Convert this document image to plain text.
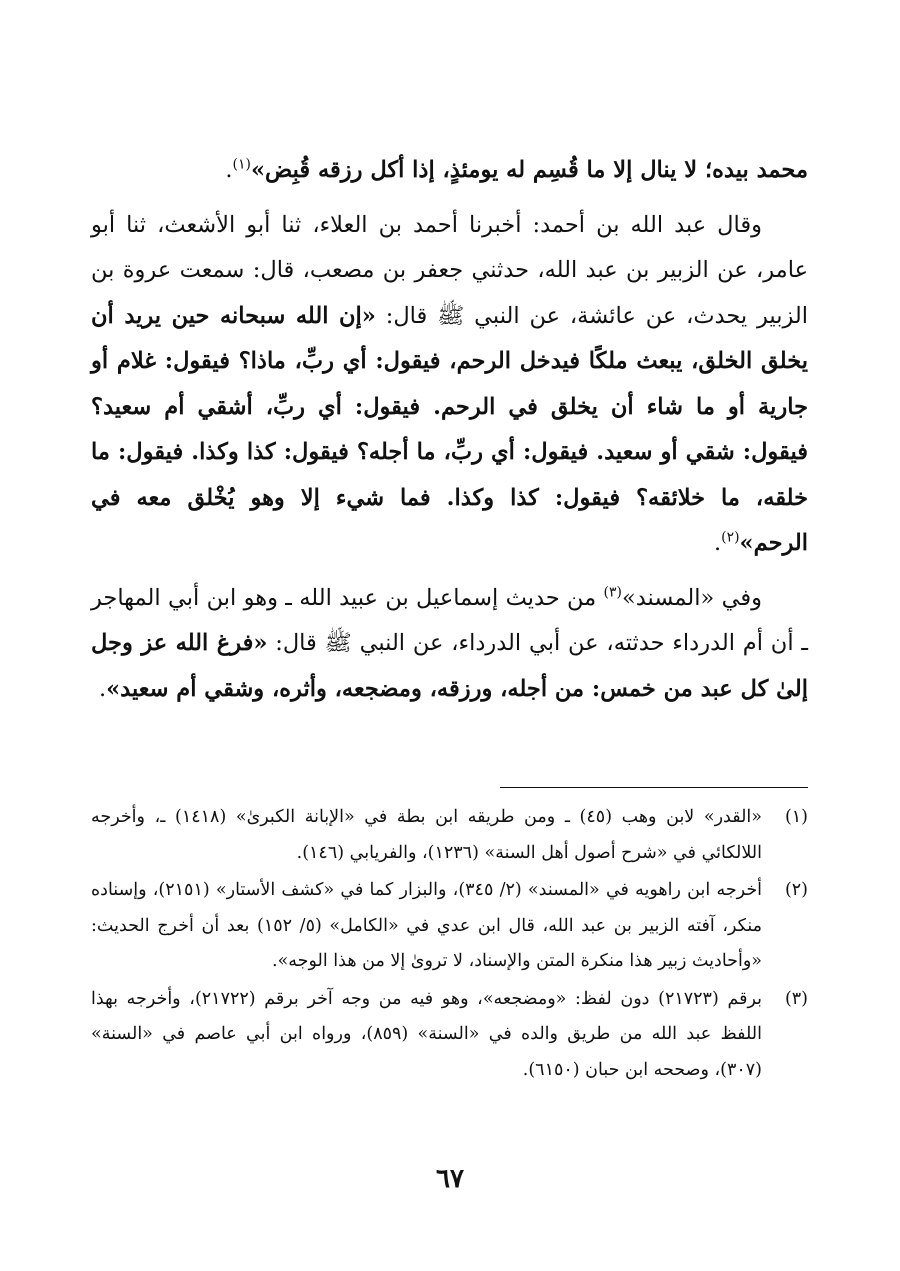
محمد بيده؛ لا ينال إلا ما قُسِم له يومئذٍ، إذا أكل رزقه قُبِض»$^{(١)}$.

وقال عبد الله بن أحمد: أخبرنا أحمد بن العلاء، ثنا أبو الأشعث، ثنا أبو عامر، عن الزبير بن عبد الله، حدثني جعفر بن مصعب، قال: سمعت عروة بن الزبير يحدث، عن عائشة، عن النبي ﷺ قال: «إن الله سبحانه حين يريد أن يخلق الخلق، يبعث ملكًا فيدخل الرحم، فيقول: أي ربِّ، ماذا؟ فيقول: غلام أو جارية أو ما شاء أن يخلق في الرحم. فيقول: أي ربِّ، أشقي أم سعيد؟ فيقول: شقي أو سعيد. فيقول: أي ربِّ، ما أجله؟ فيقول: كذا وكذا. فيقول: ما خلقه، ما خلائقه؟ فيقول: كذا وكذا. فما شيء إلا وهو يُخْلق معه في الرحم»$^{(٢)}$.

وفي «المسند»$^{(٣)}$ من حديث إسماعيل بن عبيد الله ـ وهو ابن أبي المهاجر ـ أن أم الدرداء حدثته، عن أبي الدرداء، عن النبي ﷺ قال: «فرغ الله عز وجل إلىٰ كل عبد من خمس: من أجله، ورزقه، ومضجعه، وأثره، وشقي أم سعيد».

(١)
«القدر» لابن وهب (٤٥) ـ ومن طريقه ابن بطة في «الإبانة الكبرىٰ» (١٤١٨) ـ، وأخرجه اللالكائي في «شرح أصول أهل السنة» (١٢٣٦)، والفريابي (١٤٦).
(٢)
أخرجه ابن راهويه في «المسند» (٢/ ٣٤٥)، والبزار كما في «كشف الأستار» (٢١٥١)، وإسناده منكر، آفته الزبير بن عبد الله، قال ابن عدي في «الكامل» (٥/ ١٥٢) بعد أن أخرج الحديث: «وأحاديث زبير هذا منكرة المتن والإسناد، لا تروىٰ إلا من هذا الوجه».
(٣)
برقم (٢١٧٢٣) دون لفظ: «ومضجعه»، وهو فيه من وجه آخر برقم (٢١٧٢٢)، وأخرجه بهذا اللفظ عبد الله من طريق والده في «السنة» (٨٥٩)، ورواه ابن أبي عاصم في «السنة» (٣٠٧)، وصححه ابن حبان (٦١٥٠).
٦٧
